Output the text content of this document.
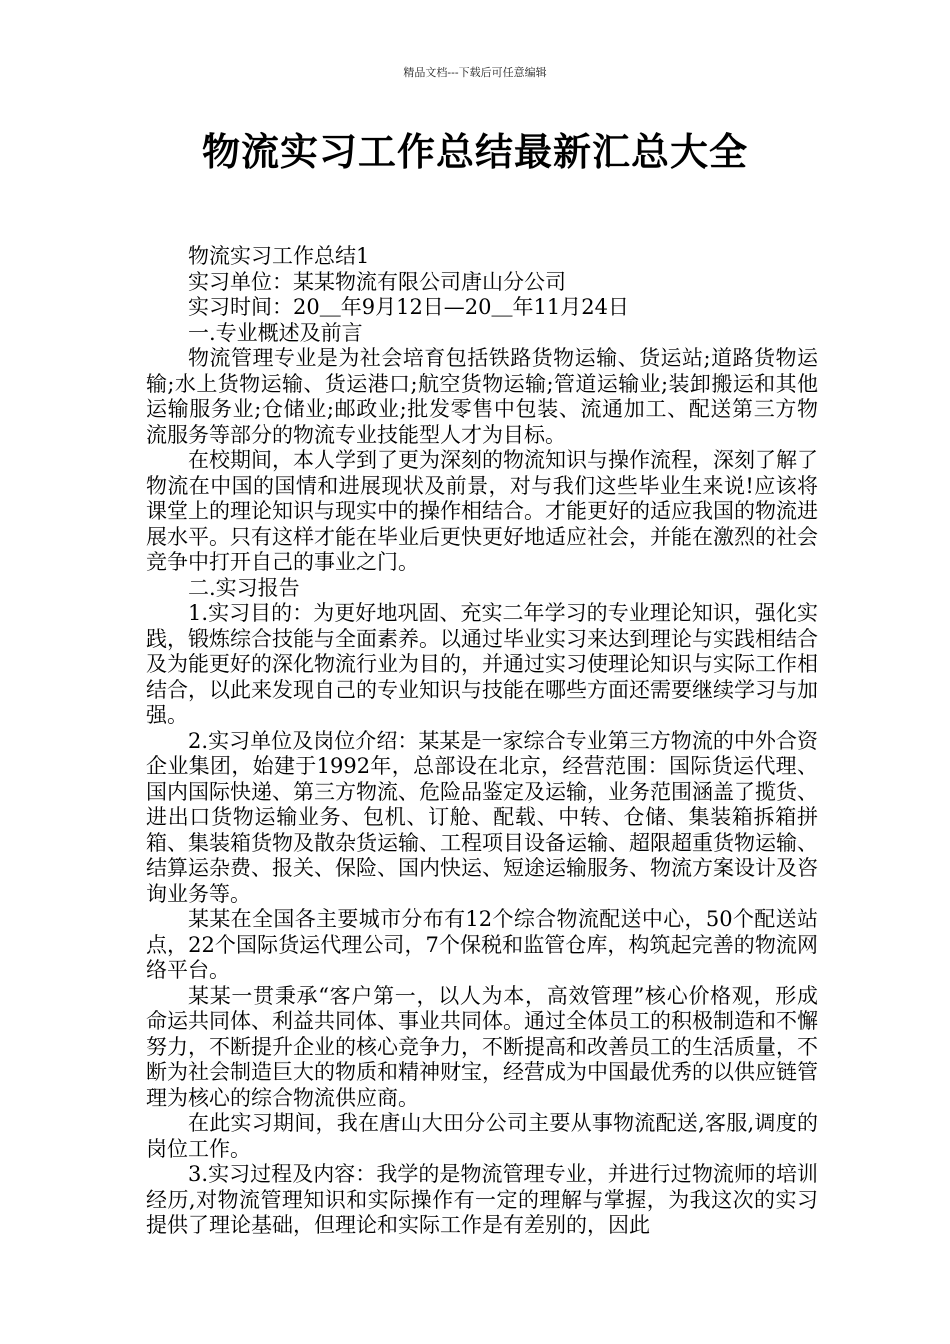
精品文档---下载后可任意编辑
物流实习工作总结最新汇总大全

物流实习工作总结1

实习单位：某某物流有限公司唐山分公司

实习时间：20＿年9月12日—20＿年11月24日

一.专业概述及前言

物流管理专业是为社会培育包括铁路货物运输、货运站;道路货物运输;水上货物运输、货运港口;航空货物运输;管道运输业;装卸搬运和其他运输服务业;仓储业;邮政业;批发零售中包装、流通加工、配送第三方物流服务等部分的物流专业技能型人才为目标。

在校期间，本人学到了更为深刻的物流知识与操作流程，深刻了解了物流在中国的国情和进展现状及前景，对与我们这些毕业生来说!应该将课堂上的理论知识与现实中的操作相结合。才能更好的适应我国的物流进展水平。只有这样才能在毕业后更快更好地适应社会，并能在激烈的社会竞争中打开自己的事业之门。

二.实习报告

1.实习目的：为更好地巩固、充实二年学习的专业理论知识，强化实践，锻炼综合技能与全面素养。以通过毕业实习来达到理论与实践相结合及为能更好的深化物流行业为目的，并通过实习使理论知识与实际工作相结合，以此来发现自己的专业知识与技能在哪些方面还需要继续学习与加强。

2.实习单位及岗位介绍：某某是一家综合专业第三方物流的中外合资企业集团，始建于1992年，总部设在北京，经营范围：国际货运代理、国内国际快递、第三方物流、危险品鉴定及运输，业务范围涵盖了揽货、进出口货物运输业务、包机、订舱、配载、中转、仓储、集装箱拆箱拼箱、集装箱货物及散杂货运输、工程项目设备运输、超限超重货物运输、结算运杂费、报关、保险、国内快运、短途运输服务、物流方案设计及咨询业务等。

某某在全国各主要城市分布有12个综合物流配送中心，50个配送站点，22个国际货运代理公司，7个保税和监管仓库，构筑起完善的物流网络平台。

某某一贯秉承“客户第一，以人为本，高效管理”核心价格观，形成命运共同体、利益共同体、事业共同体。通过全体员工的积极制造和不懈努力，不断提升企业的核心竞争力，不断提高和改善员工的生活质量，不断为社会制造巨大的物质和精神财宝，经营成为中国最优秀的以供应链管理为核心的综合物流供应商。

在此实习期间，我在唐山大田分公司主要从事物流配送,客服,调度的岗位工作。

3.实习过程及内容：我学的是物流管理专业，并进行过物流师的培训经历,对物流管理知识和实际操作有一定的理解与掌握，为我这次的实习提供了理论基础，但理论和实际工作是有差别的，因此
